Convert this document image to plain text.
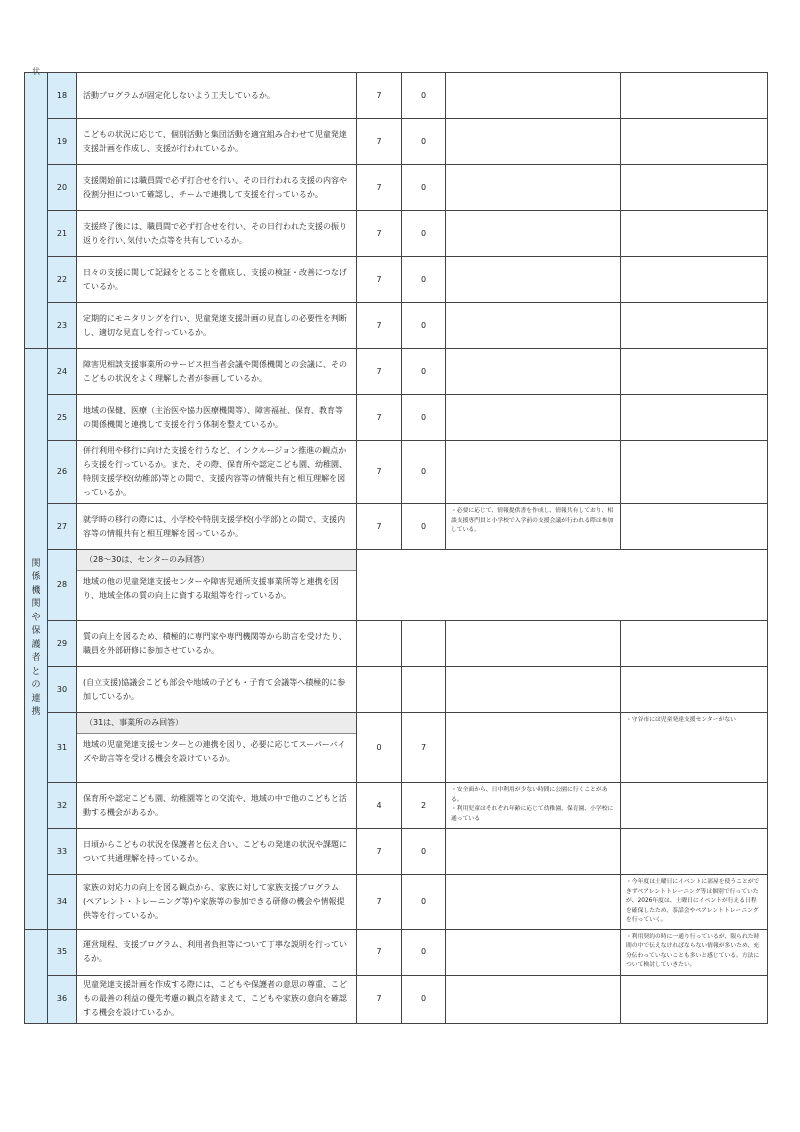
状	18	活動プログラムが固定化しないよう工夫しているか。	7	0		
	19	こどもの状況に応じて、個別活動と集団活動を適宜組み合わせて児童発達支援計画を作成し、支援が行われているか。	7	0		
	20	支援開始前には職員間で必ず打合せを行い、その日行われる支援の内容や役割分担について確認し、チームで連携して支援を行っているか。	7	0		
	21	支援終了後には、職員間で必ず打合せを行い、その日行われた支援の振り返りを行い､気付いた点等を共有しているか。	7	0		
	22	日々の支援に関して記録をとることを徹底し、支援の検証・改善につなげているか。	7	0		
	23	定期的にモニタリングを行い、児童発達支援計画の見直しの必要性を判断し、適切な見直しを行っているか。	7	0		

関係機関や保護者との連携	24	障害児相談支援事業所のサービス担当者会議や関係機関との会議に、そのこどもの状況をよく理解した者が参画しているか。	7	0		
	25	地域の保健、医療（主治医や協力医療機関等）、障害福祉、保育、教育等の関係機関と連携して支援を行う体制を整えているか。	7	0		
	26	併行利用や移行に向けた支援を行うなど、インクルージョン推進の観点から支援を行っているか。また、その際、保育所や認定こども園、幼稚園、特別支援学校(幼稚部)等との間で、支援内容等の情報共有と相互理解を図っているか。	7	0		
	27	就学時の移行の際には、小学校や特別支援学校(小学部)との間で、支援内容等の情報共有と相互理解を図っているか。	7	0	・必要に応じて、情報提供書を作成し、情報共有しており、相談支援専門員と小学校で入学前の支援会議が行われる際は参加している。	
	28	（28～30は、センターのみ回答）
地域の他の児童発達支援センターや障害児通所支援事業所等と連携を図り、地域全体の質の向上に資する取組等を行っているか。				

	29	質の向上を図るため、積極的に専門家や専門機関等から助言を受けたり、職員を外部研修に参加させているか。				
	30	(自立支援)協議会こども部会や地域の子ども・子育て会議等へ積極的に参加しているか。				
	31	（31は、事業所のみ回答）
地域の児童発達支援センターとの連携を図り、必要に応じてスーパーバイズや助言等を受ける機会を設けているか。	0	7		・守谷市には児童発達支援センターがない
	32	保育所や認定こども園、幼稚園等との交流や、地域の中で他のこどもと活動する機会があるか。	4	2	・安全面から、日中利用が少ない時間に公園に行くことがある。
・利用児童はそれぞれ年齢に応じて幼稚園、保育園、小学校に通っている	
	33	日頃からこどもの状況を保護者と伝え合い、こどもの発達の状況や課題について共通理解を持っているか。	7	0		
	34	家族の対応力の向上を図る観点から、家族に対して家族支援プログラム(ペアレント・トレーニング等)や家族等の参加できる研修の機会や情報提供等を行っているか。	7	0		・今年度は土曜日にイベントに部屋を使うことができずペアレントトレーニング等は個別で行っていたが、2026年度は、土曜日にイベントが行える日程を確保したため、茶話会やペアレントトレーニングを行っていく。
	35	運営規程、支援プログラム、利用者負担等について丁寧な説明を行っているか。	7	0		・利用契約の時に一通り行っているが、限られた時間の中で伝えなければならない情報が多いため、充分伝わっていないことも多いと感じている。方法について検討していきたい。
	36	児童発達支援計画を作成する際には、こどもや保護者の意思の尊重、こどもの最善の利益の優先考慮の観点を踏まえて、こどもや家族の意向を確認する機会を設けているか。	7	0		
